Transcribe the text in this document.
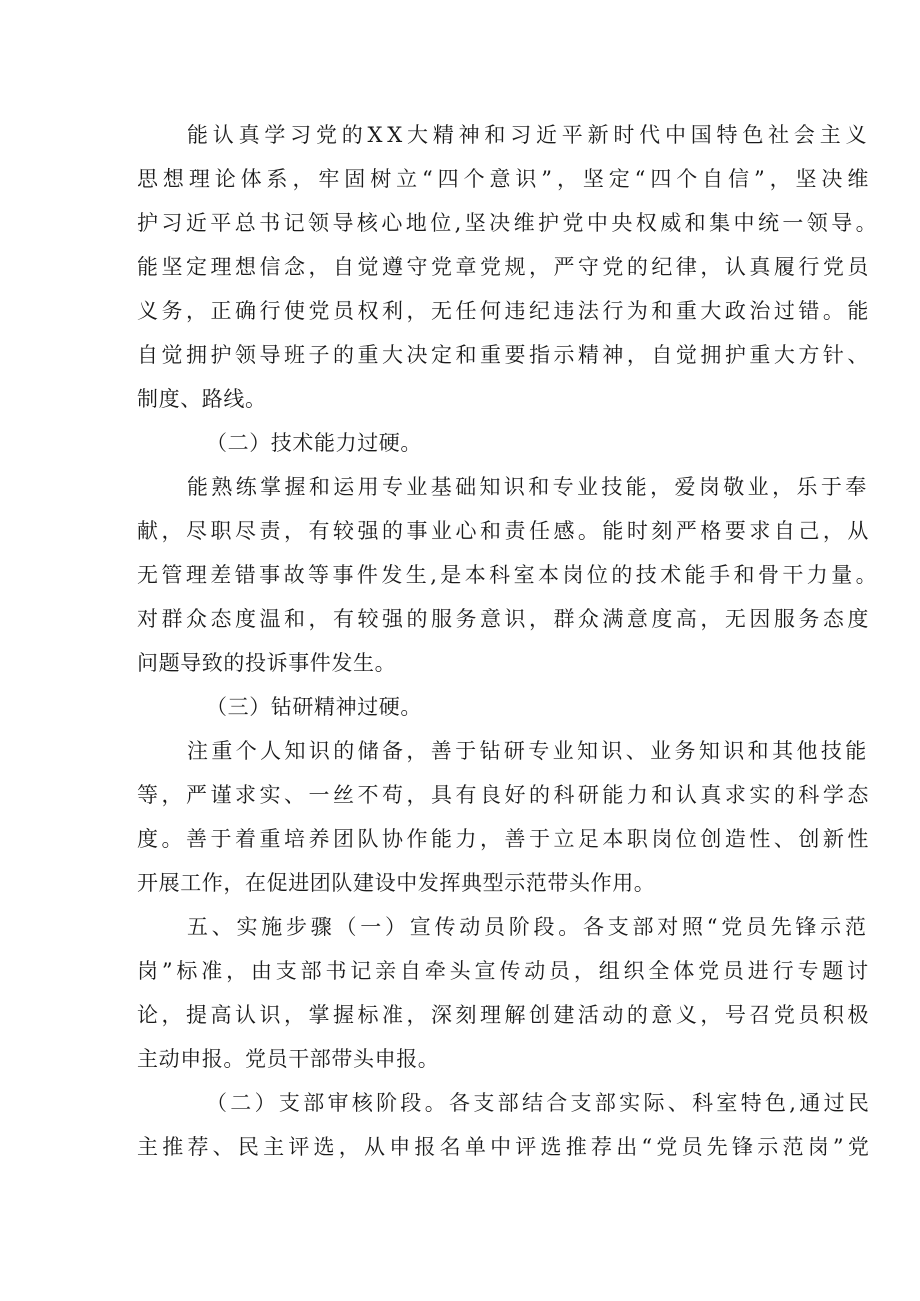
能认真学习党的XX大精神和习近平新时代中国特色社会主义
思想理论体系，牢固树立“四个意识”，坚定“四个自信”，坚决维
护习近平总书记领导核心地位,坚决维护党中央权威和集中统一领导。
能坚定理想信念，自觉遵守党章党规，严守党的纪律，认真履行党员
义务，正确行使党员权利，无任何违纪违法行为和重大政治过错。能
自觉拥护领导班子的重大决定和重要指示精神，自觉拥护重大方针、
制度、路线。
（二）技术能力过硬。
能熟练掌握和运用专业基础知识和专业技能，爱岗敬业，乐于奉
献，尽职尽责，有较强的事业心和责任感。能时刻严格要求自己，从
无管理差错事故等事件发生,是本科室本岗位的技术能手和骨干力量。
对群众态度温和，有较强的服务意识，群众满意度高，无因服务态度
问题导致的投诉事件发生。
（三）钻研精神过硬。
注重个人知识的储备，善于钻研专业知识、业务知识和其他技能
等，严谨求实、一丝不苟，具有良好的科研能力和认真求实的科学态
度。善于着重培养团队协作能力，善于立足本职岗位创造性、创新性
开展工作，在促进团队建设中发挥典型示范带头作用。
五、实施步骤（一）宣传动员阶段。各支部对照“党员先锋示范
岗”标准，由支部书记亲自牵头宣传动员，组织全体党员进行专题讨
论，提高认识，掌握标准，深刻理解创建活动的意义，号召党员积极
主动申报。党员干部带头申报。
（二）支部审核阶段。各支部结合支部实际、科室特色,通过民
主推荐、民主评选，从申报名单中评选推荐出“党员先锋示范岗”党
